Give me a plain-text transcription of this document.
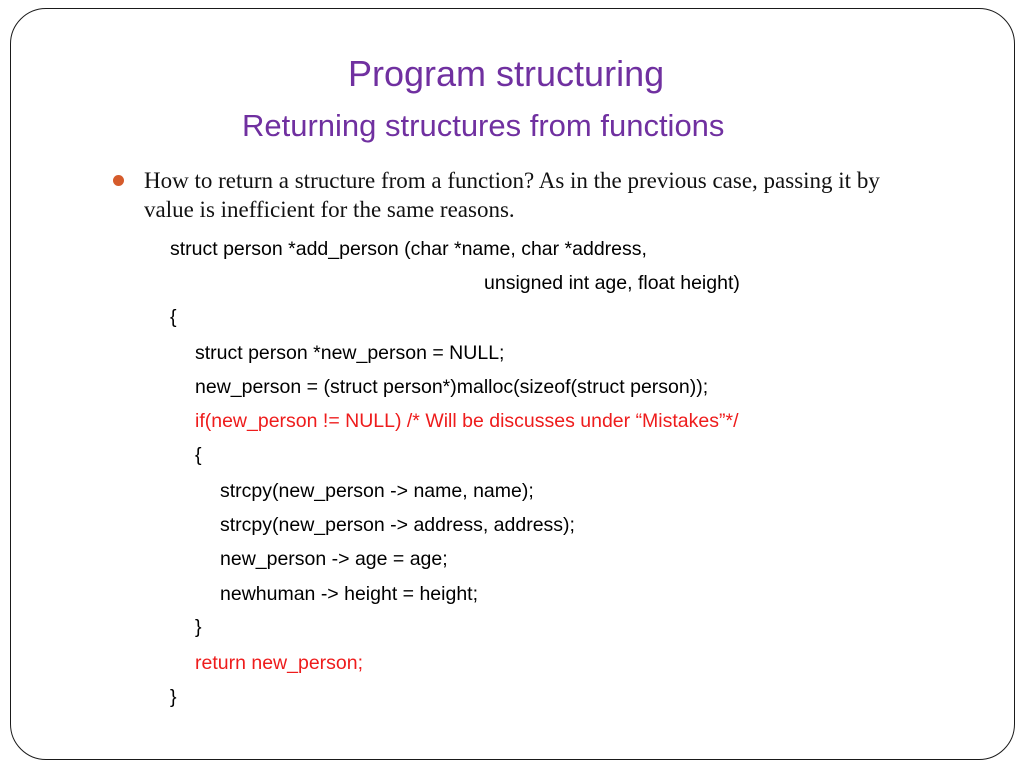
Program structuring
Returning structures from functions
How to return a structure from a function? As in the previous case, passing it by value is inefficient for the same reasons.
struct person *add_person (char *name, char *address,
unsigned int age, float height)
{
struct person *new_person = NULL;
new_person = (struct person*)malloc(sizeof(struct person));
if(new_person != NULL) /* Will be discusses under “Mistakes”*/
{
strcpy(new_person -> name, name);
strcpy(new_person -> address, address);
new_person -> age = age;
newhuman -> height = height;
}
return new_person;
}
